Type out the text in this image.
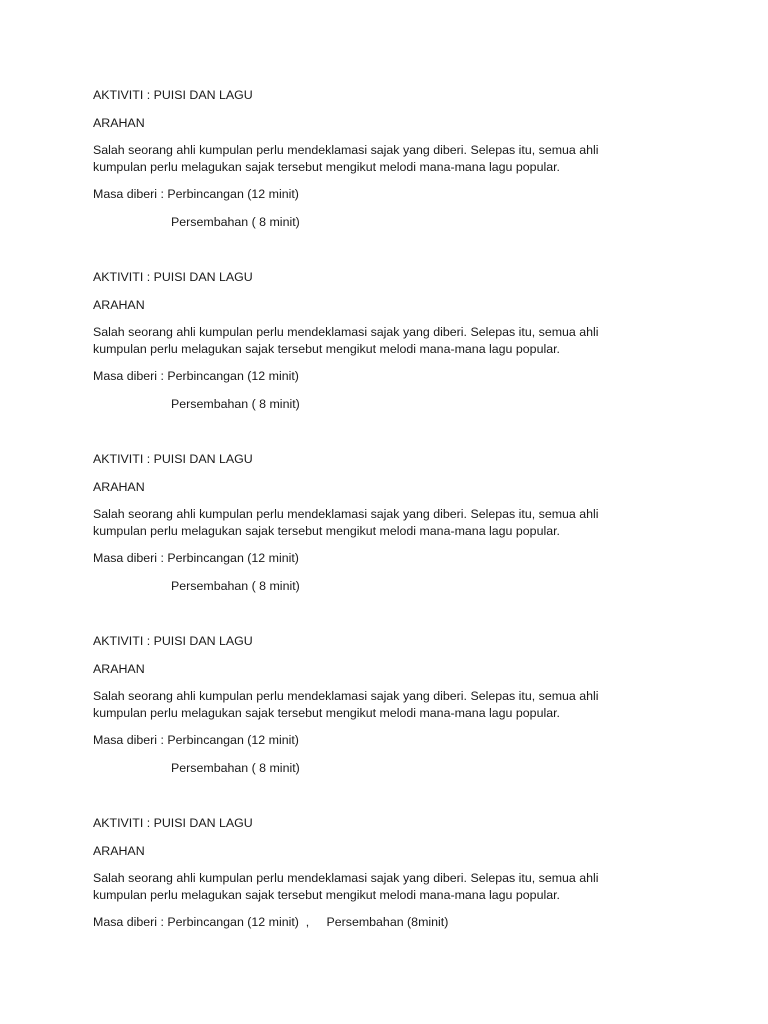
AKTIVITI : PUISI DAN LAGU
ARAHAN
Salah seorang ahli kumpulan perlu mendeklamasi sajak yang diberi. Selepas itu, semua ahli
kumpulan perlu melagukan sajak tersebut mengikut melodi mana-mana lagu popular.
Masa diberi : Perbincangan (12 minit)
Persembahan ( 8 minit)
AKTIVITI : PUISI DAN LAGU
ARAHAN
Salah seorang ahli kumpulan perlu mendeklamasi sajak yang diberi. Selepas itu, semua ahli
kumpulan perlu melagukan sajak tersebut mengikut melodi mana-mana lagu popular.
Masa diberi : Perbincangan (12 minit)
Persembahan ( 8 minit)
AKTIVITI : PUISI DAN LAGU
ARAHAN
Salah seorang ahli kumpulan perlu mendeklamasi sajak yang diberi. Selepas itu, semua ahli
kumpulan perlu melagukan sajak tersebut mengikut melodi mana-mana lagu popular.
Masa diberi : Perbincangan (12 minit)
Persembahan ( 8 minit)
AKTIVITI : PUISI DAN LAGU
ARAHAN
Salah seorang ahli kumpulan perlu mendeklamasi sajak yang diberi. Selepas itu, semua ahli
kumpulan perlu melagukan sajak tersebut mengikut melodi mana-mana lagu popular.
Masa diberi : Perbincangan (12 minit)
Persembahan ( 8 minit)
AKTIVITI : PUISI DAN LAGU
ARAHAN
Salah seorang ahli kumpulan perlu mendeklamasi sajak yang diberi. Selepas itu, semua ahli
kumpulan perlu melagukan sajak tersebut mengikut melodi mana-mana lagu popular.
Masa diberi : Perbincangan (12 minit)  ,     Persembahan (8minit)
